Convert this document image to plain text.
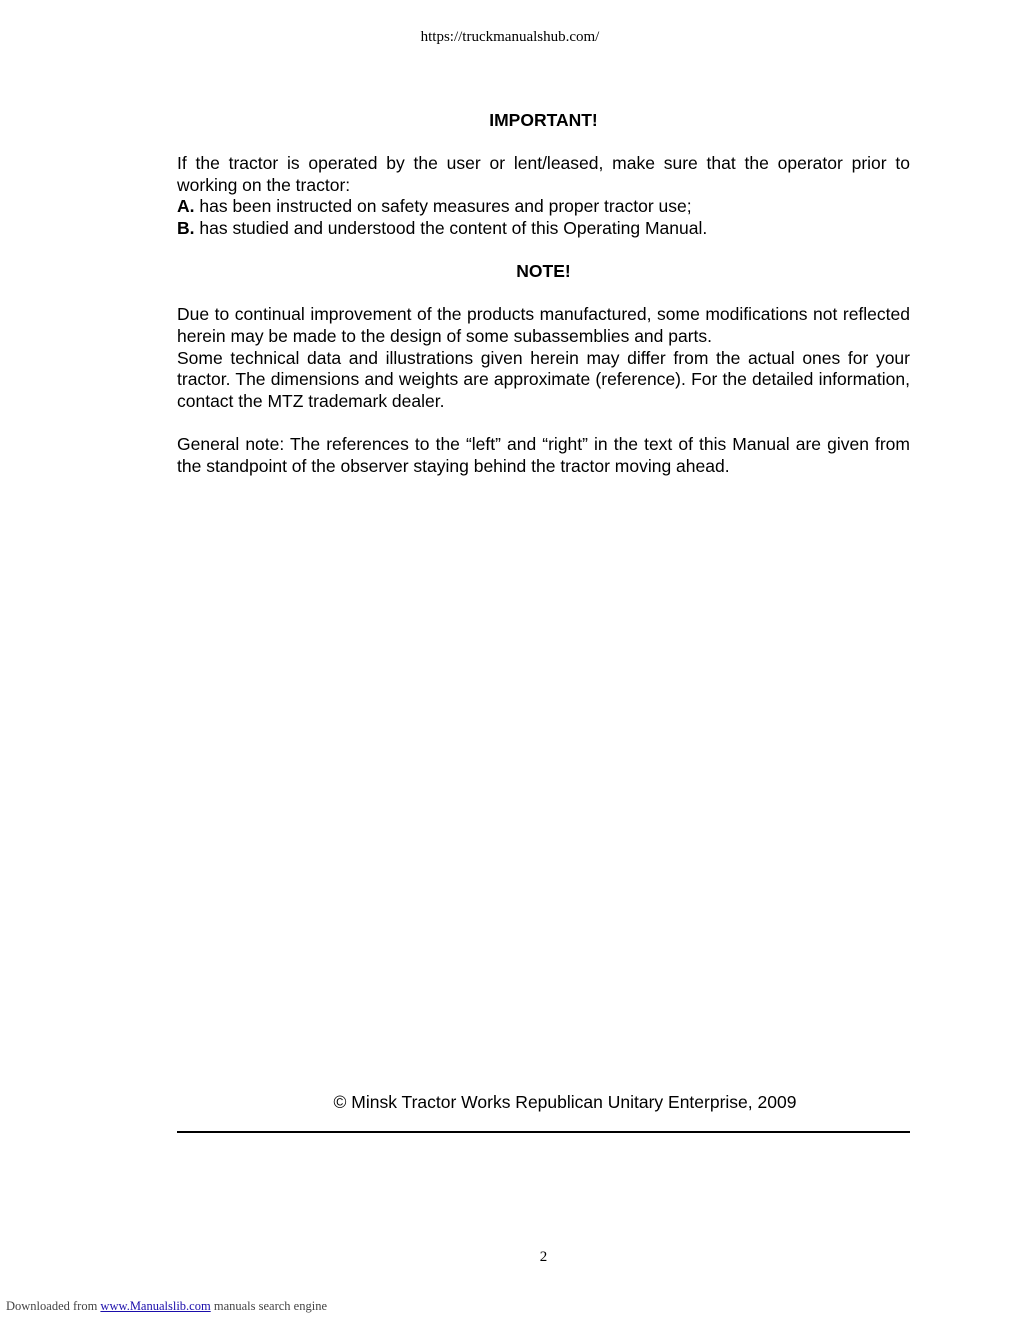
https://truckmanualshub.com/
IMPORTANT!

If the tractor is operated by the user or lent/leased, make sure that the operator prior to working on the tractor:

A. has been instructed on safety measures and proper tractor use;

B. has studied and understood the content of this Operating Manual.

NOTE!

Due to continual improvement of the products manufactured, some modifications not reflected herein may be made to the design of some subassemblies and parts.

Some technical data and illustrations given herein may differ from the actual ones for your tractor. The dimensions and weights are approximate (reference). For the detailed information, contact the MTZ trademark dealer.

General note: The references to the “left” and “right” in the text of this Manual are given from the standpoint of the observer staying behind the tractor moving ahead.

© Minsk Tractor Works Republican Unitary Enterprise, 2009
2
Downloaded from www.Manualslib.com manuals search engine
